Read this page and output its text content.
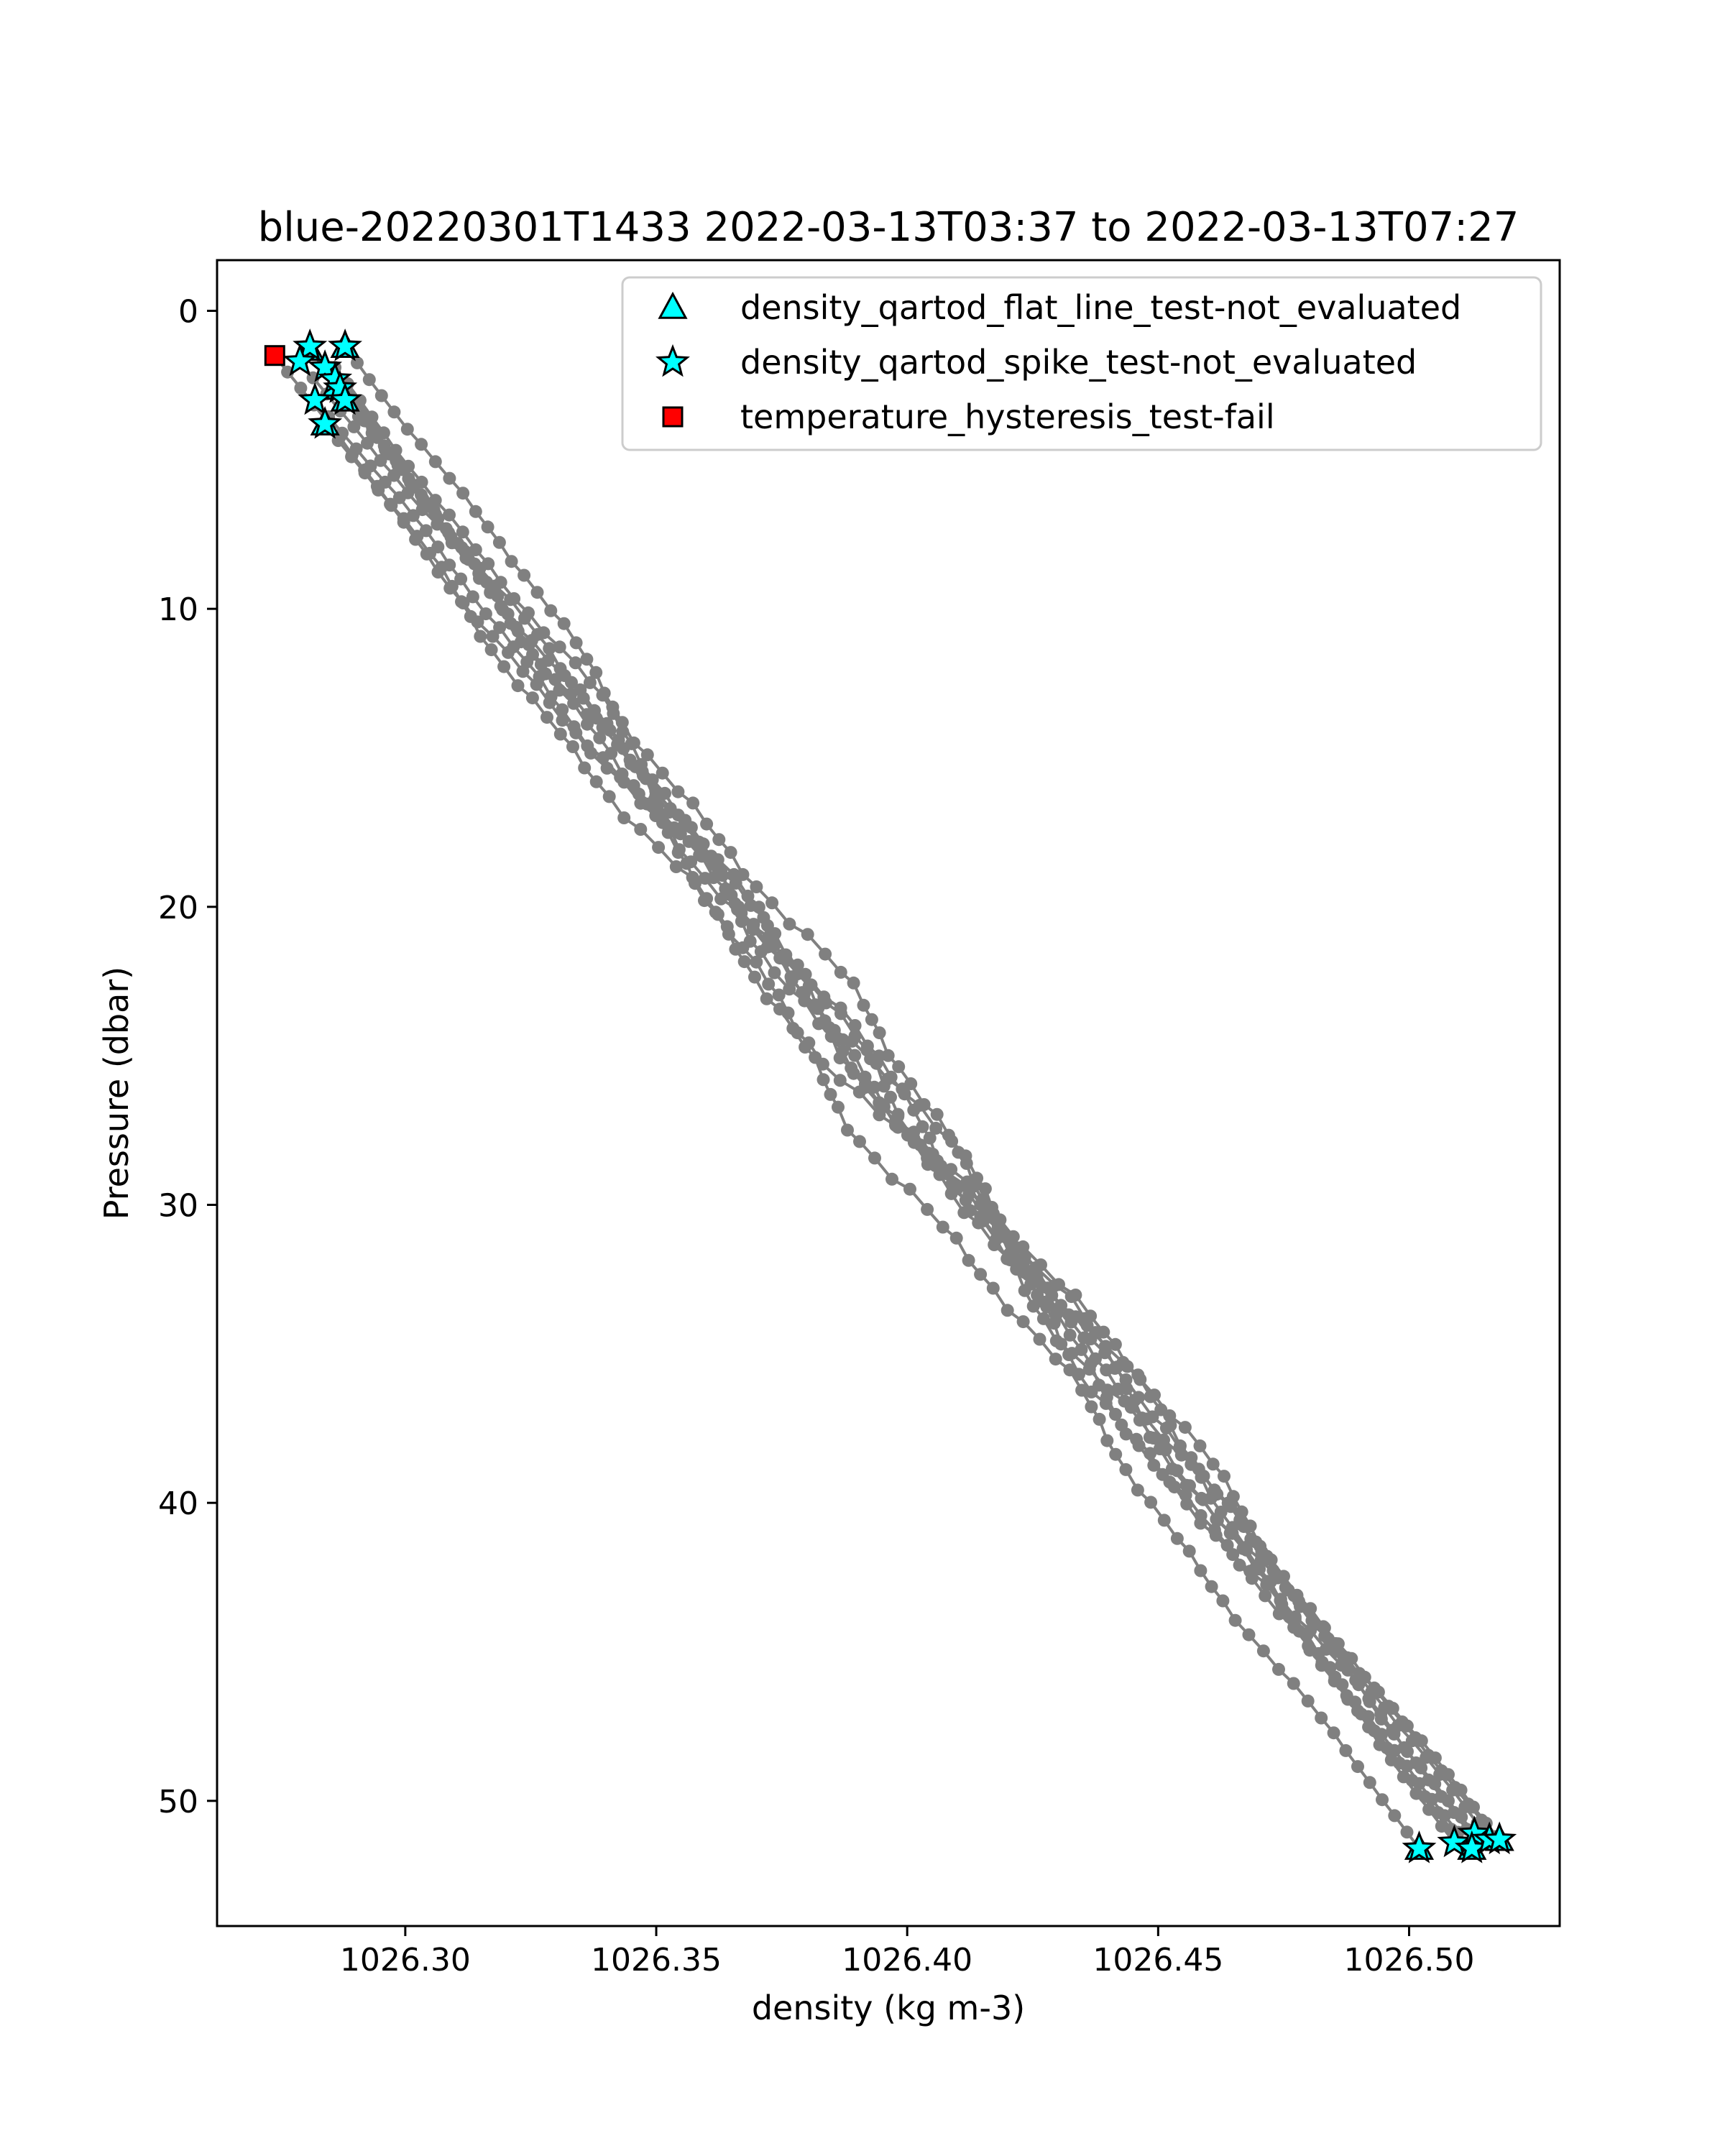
1026.30	1026.35	1026.40	1026.45	1026.50
0
10
20
30
40
50
blue-20220301T1433 2022-03-13T03:37 to 2022-03-13T07:27
density (kg m-3)
Pressure (dbar)
density_qartod_flat_line_test-not_evaluated
density_qartod_spike_test-not_evaluated
temperature_hysteresis_test-fail
